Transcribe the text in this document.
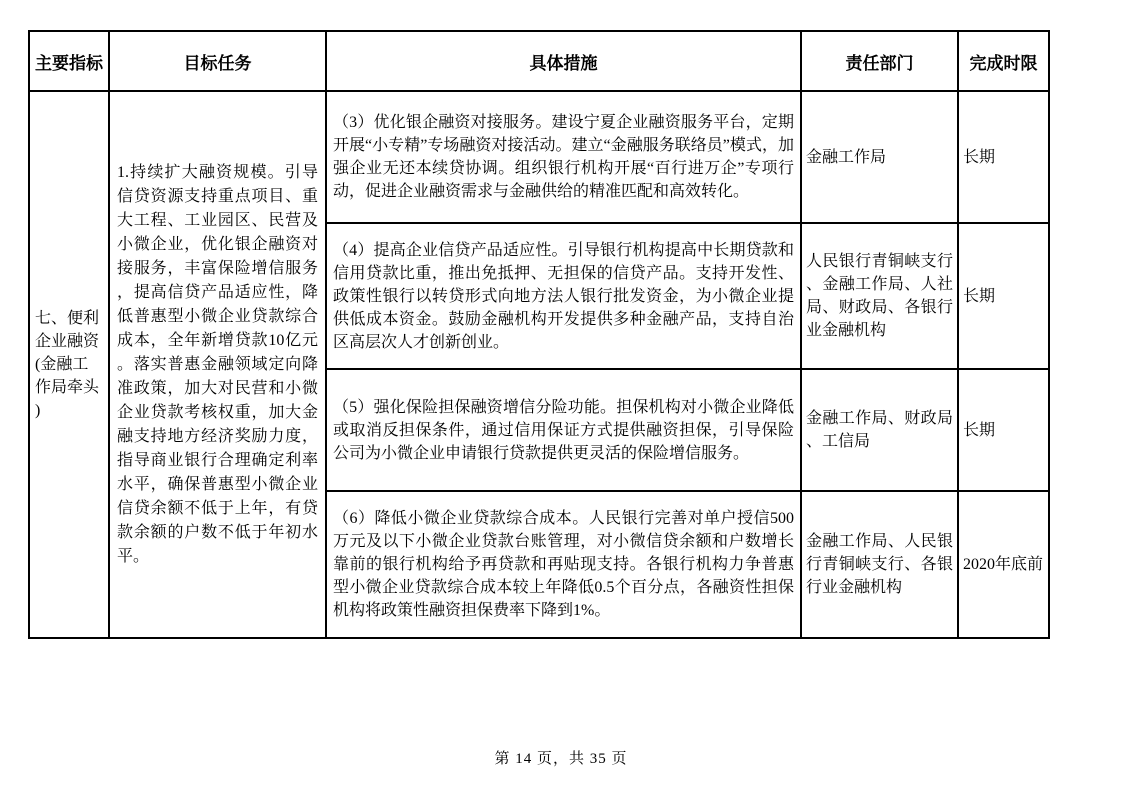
主要指标	目标任务	具体措施	责任部门	完成时限
七、便利企业融资(金融工作局牵头)	1.持续扩大融资规模。引导信贷资源支持重点项目、重大工程、工业园区、民营及小微企业，优化银企融资对接服务，丰富保险增信服务，提高信贷产品适应性，降低普惠型小微企业贷款综合成本，全年新增贷款10亿元。落实普惠金融领域定向降准政策，加大对民营和小微企业贷款考核权重，加大金融支持地方经济奖励力度，指导商业银行合理确定利率水平，确保普惠型小微企业信贷余额不低于上年，有贷款余额的户数不低于年初水平。	（3）优化银企融资对接服务。建设宁夏企业融资服务平台，定期开展“小专精”专场融资对接活动。建立“金融服务联络员”模式，加强企业无还本续贷协调。组织银行机构开展“百行进万企”专项行动，促进企业融资需求与金融供给的精准匹配和高效转化。	金融工作局	长期
		（4）提高企业信贷产品适应性。引导银行机构提高中长期贷款和信用贷款比重，推出免抵押、无担保的信贷产品。支持开发性、政策性银行以转贷形式向地方法人银行批发资金，为小微企业提供低成本资金。鼓励金融机构开发提供多种金融产品，支持自治区高层次人才创新创业。	人民银行青铜峡支行、金融工作局、人社局、财政局、各银行业金融机构	长期
		（5）强化保险担保融资增信分险功能。担保机构对小微企业降低或取消反担保条件，通过信用保证方式提供融资担保，引导保险公司为小微企业申请银行贷款提供更灵活的保险增信服务。	金融工作局、财政局、工信局	长期
		（6）降低小微企业贷款综合成本。人民银行完善对单户授信500万元及以下小微企业贷款台账管理，对小微信贷余额和户数增长靠前的银行机构给予再贷款和再贴现支持。各银行机构力争普惠型小微企业贷款综合成本较上年降低0.5个百分点，各融资性担保机构将政策性融资担保费率下降到1%。	金融工作局、人民银行青铜峡支行、各银行业金融机构	2020年底前
第 14 页，共 35 页
